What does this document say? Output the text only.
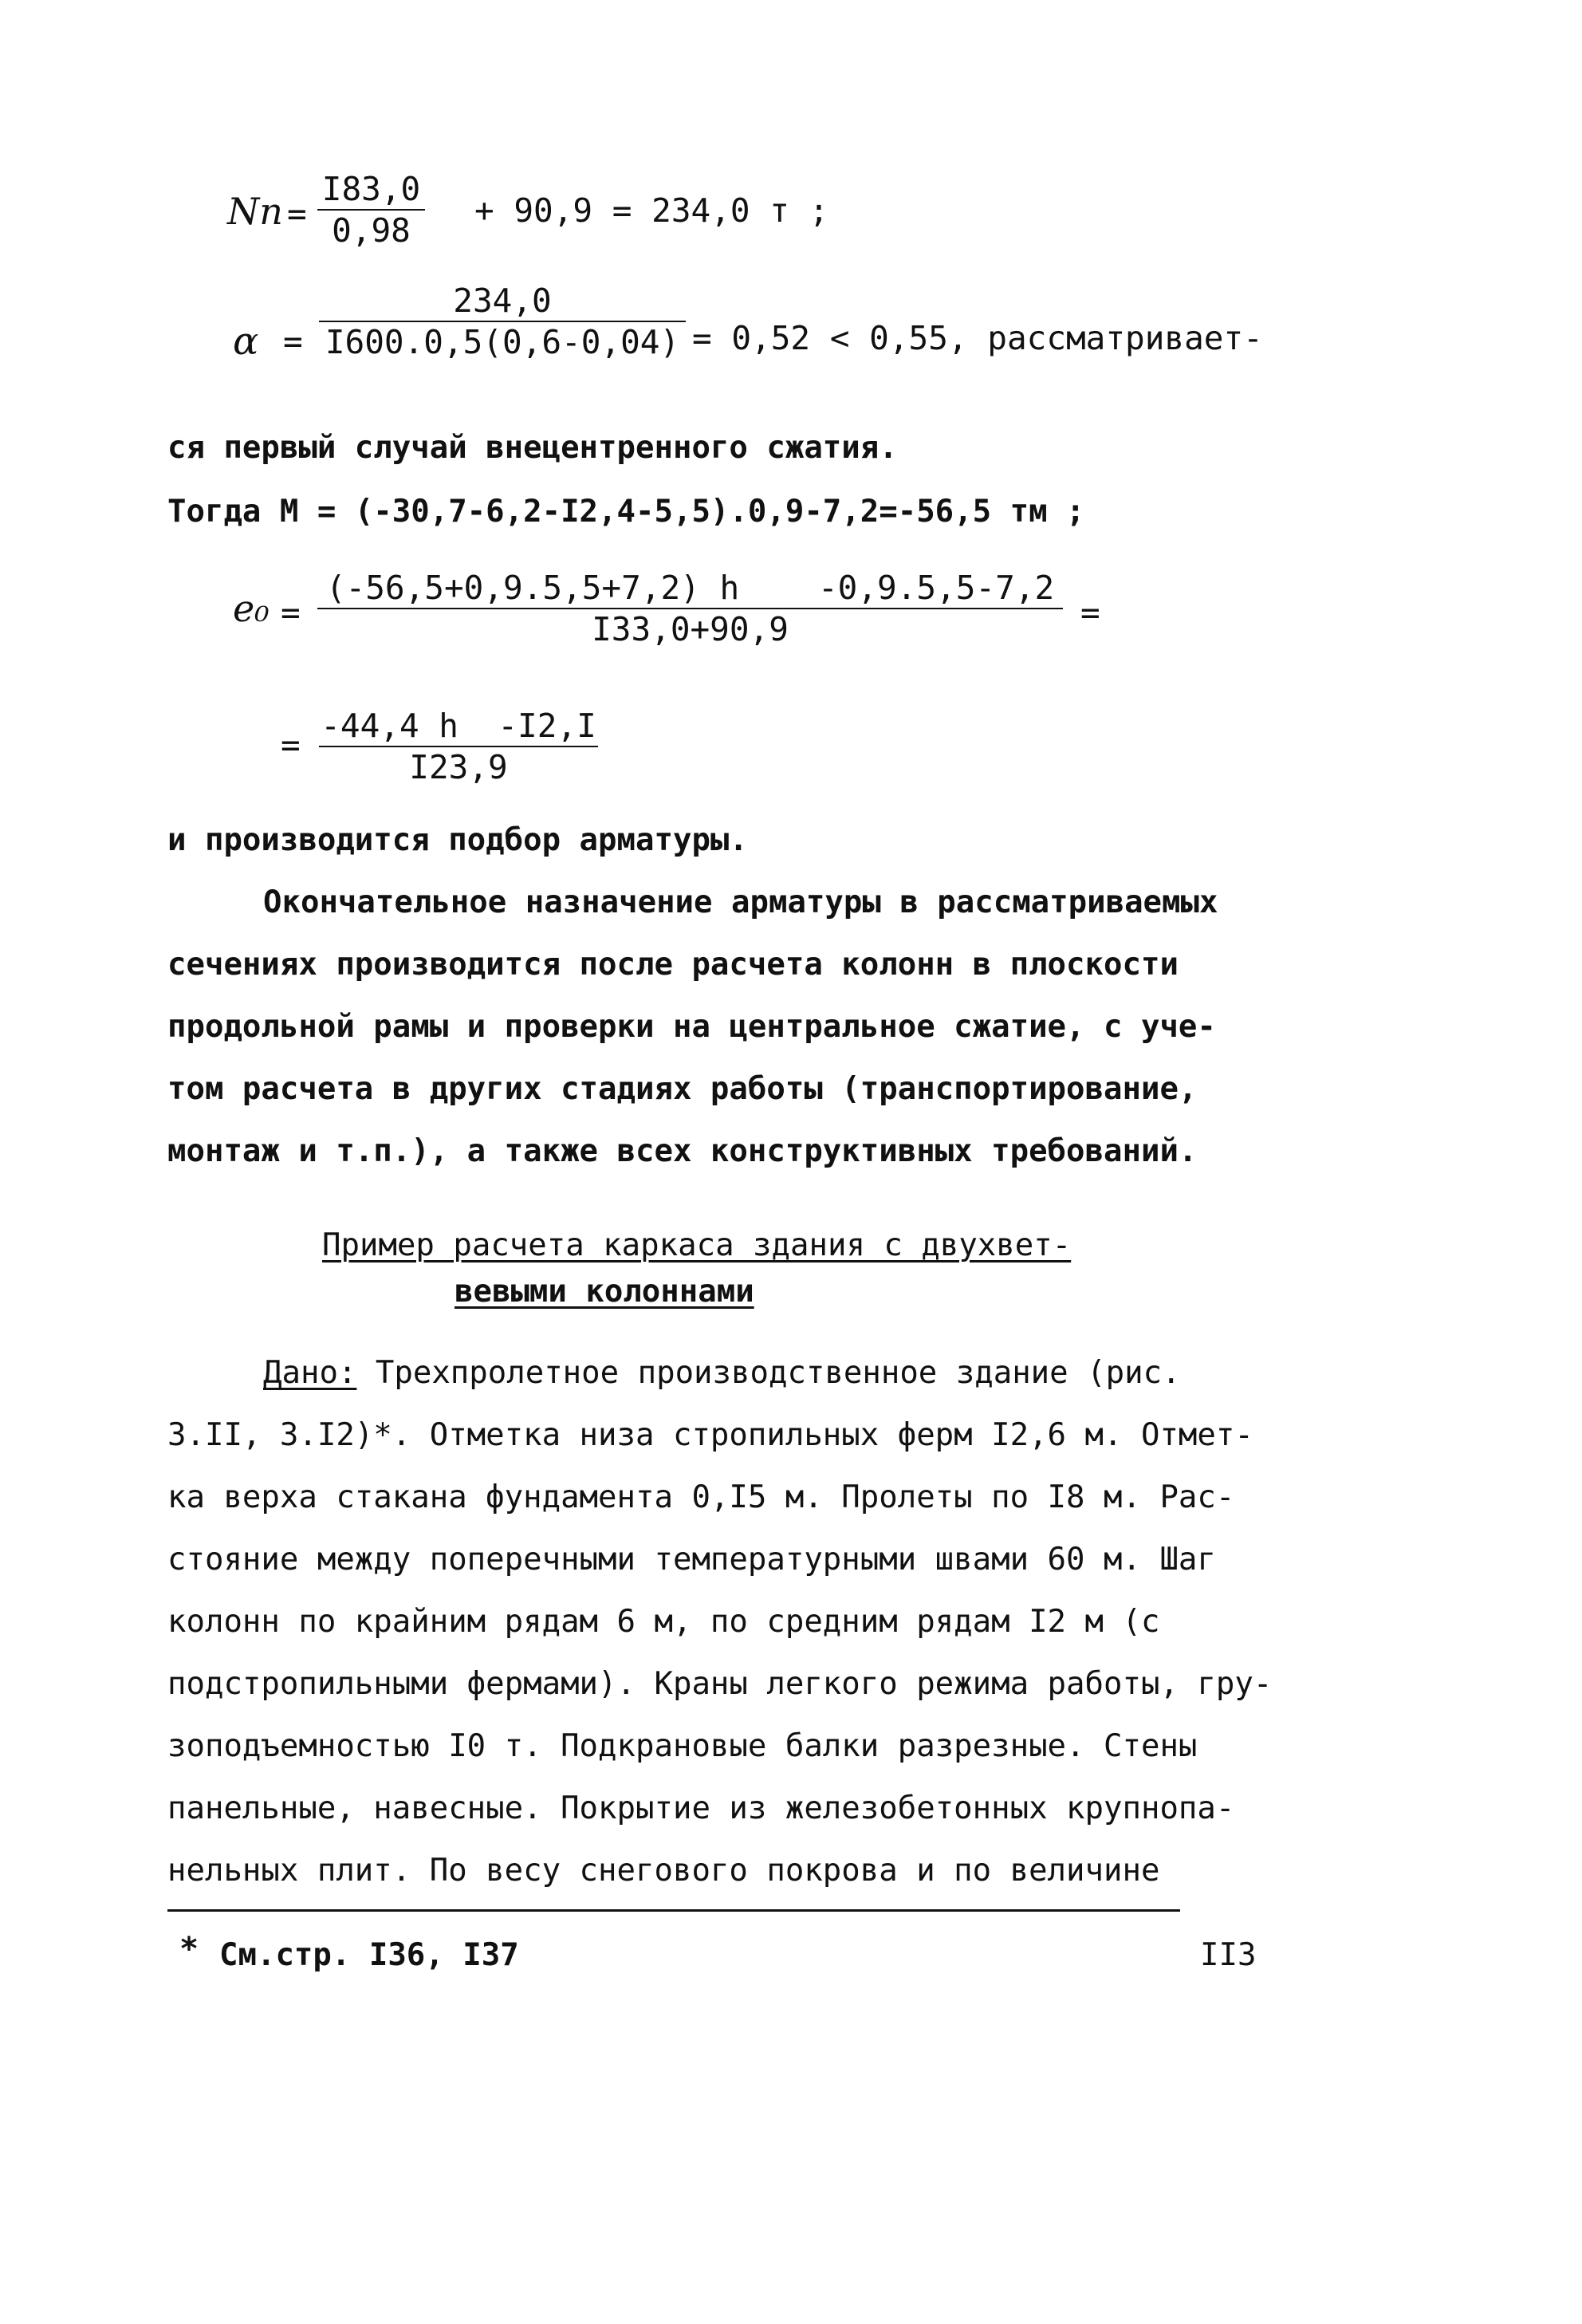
Nп =
I83,0
0,98
+ 90,9 = 234,0 т ;
α =
234,0
I600.0,5(0,6-0,04) = 0,52 < 0,55, рассматривает-
ся первый случай внецентренного сжатия.
Тогда M = (-30,7-6,2-I2,4-5,5).0,9-7,2=-56,5 тм ;
e₀ =
(-56,5+0,9.5,5+7,2) h    -0,9.5,5-7,2
I33,0+90,9	=
= -44,4 h  -I2,I
I23,9
и производится подбор арматуры.
Окончательное назначение арматуры в рассматриваемых
сечениях производится после расчета колонн в плоскости
продольной рамы и проверки на центральное сжатие, с уче-
том расчета в других стадиях работы (транспортирование,
монтаж и т.п.), а также всех конструктивных требований.
Пример расчета каркаса здания с двухвет-
вевыми колоннами
Дано: Трехпролетное производственное здание (рис.
3.II, 3.I2)*. Отметка низа стропильных ферм I2,6 м. Отмет-
ка верха стакана фундамента 0,I5 м. Пролеты по I8 м. Рас-
стояние между поперечными температурными швами 60 м. Шаг
колонн по крайним рядам 6 м, по средним рядам I2 м (с
подстропильными фермами). Краны легкого режима работы, гру-
зоподъемностью I0 т. Подкрановые балки разрезные. Стены
панельные, навесные. Покрытие из железобетонных крупнопа-
нельных плит. По весу снегового покрова и по величине
* См.стр. I36, I37	II3
